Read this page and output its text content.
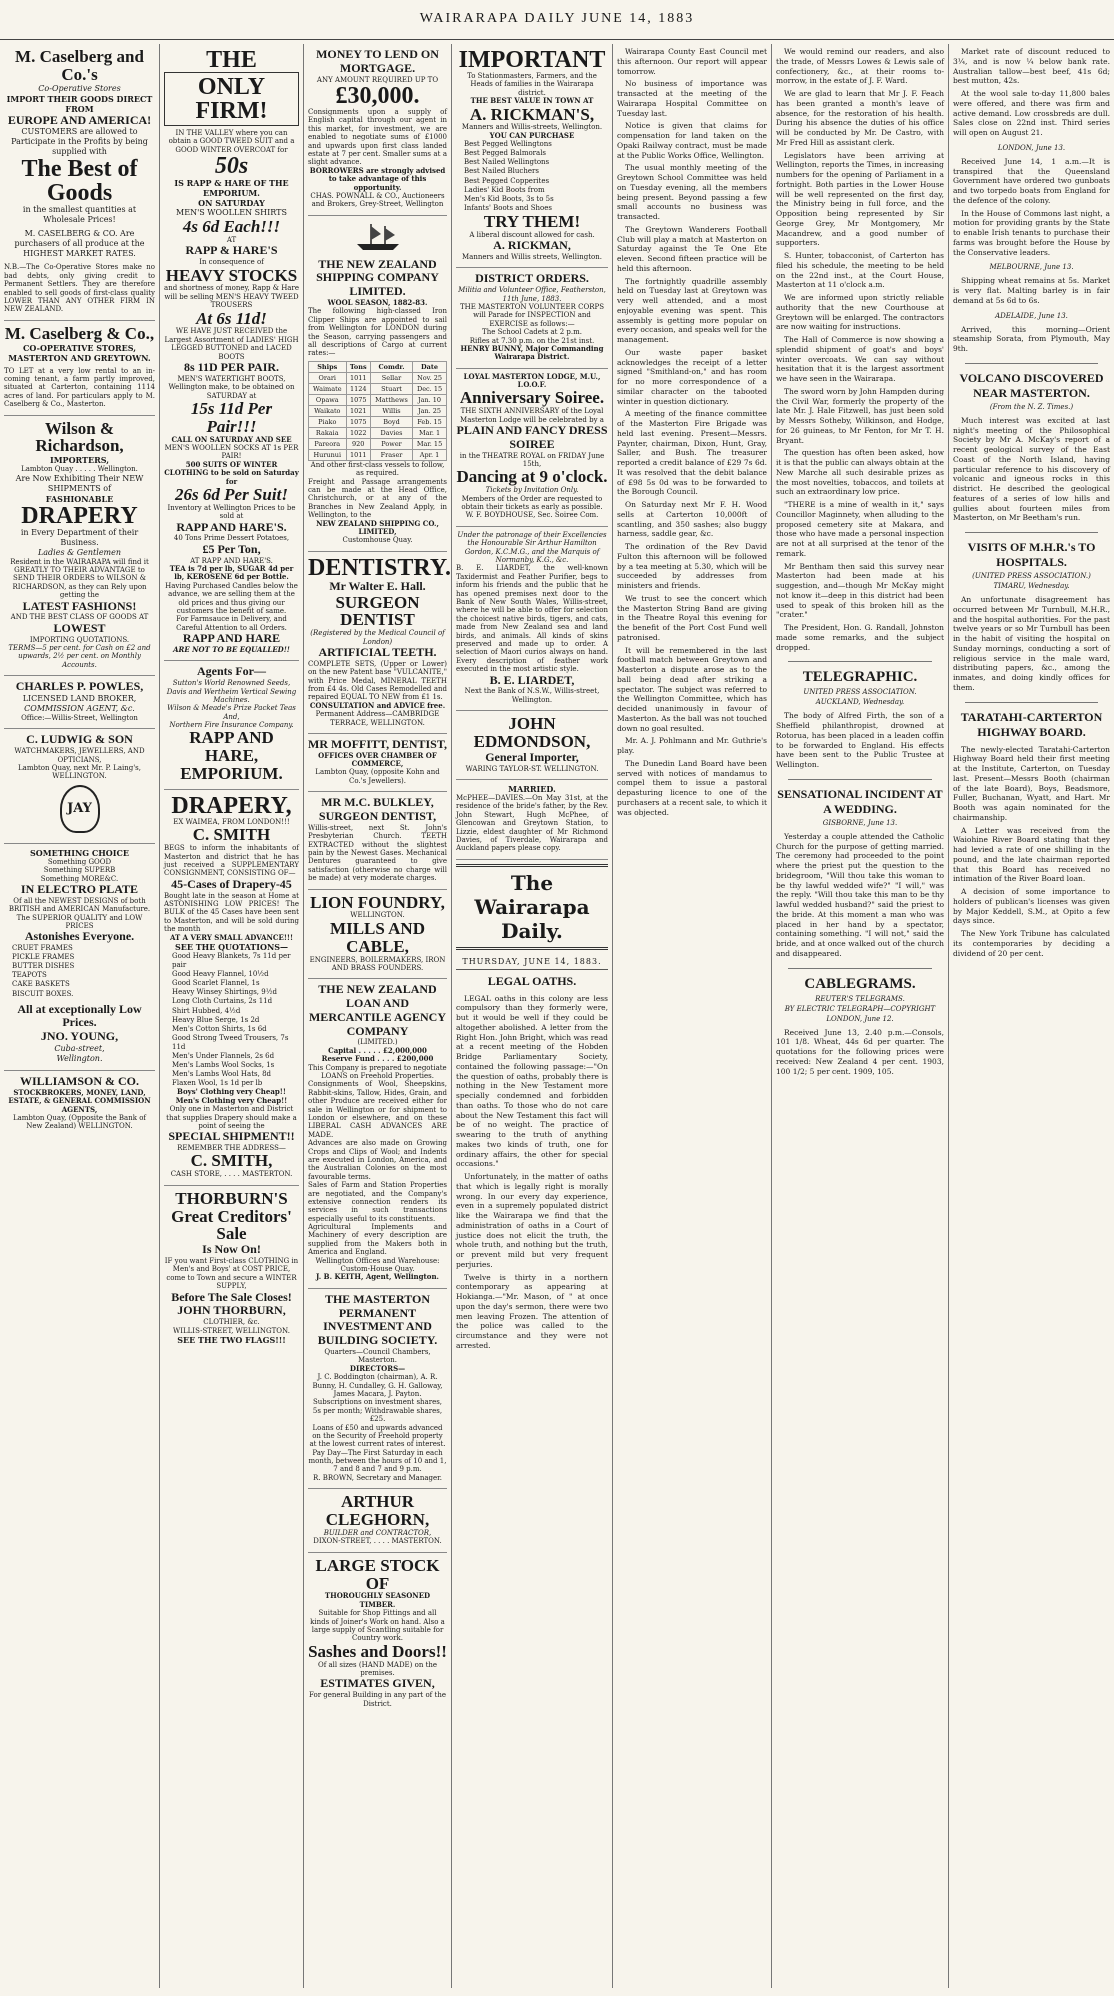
WAIRARAPA DAILY JUNE 14, 1883
M. Caselberg and Co.'s
Co-Operative Stores
IMPORT THEIR GOODS DIRECT FROM
EUROPE AND AMERICA!
CUSTOMERS are allowed to Participate in the Profits by being supplied with
The Best of Goods
in the smallest quantities at Wholesale Prices!
M. CASELBERG & CO. Are purchasers of all produce at the HIGHEST MARKET RATES.
N.B.—The Co-Operative Stores make no bad debts, only giving credit to Permanent Settlers. They are therefore enabled to sell goods of first-class quality LOWER THAN ANY OTHER FIRM IN NEW ZEALAND.
M. Caselberg & Co.,
CO-OPERATIVE STORES,
MASTERTON AND GREYTOWN.
TO LET at a very low rental to an in-coming tenant, a farm partly improved, situated at Carterton, containing 1114 acres of land. For particulars apply to M. Caselberg & Co., Masterton.
Wilson & Richardson,
IMPORTERS,
Lambton Quay . . . . . Wellington.
Are Now Exhibiting Their NEW SHIPMENTS of
FASHIONABLE
DRAPERY
in Every Department of their Business.
Ladies & Gentlemen
Resident in the WAIRARAPA will find it GREATLY TO THEIR ADVANTAGE to SEND THEIR ORDERS to WILSON & RICHARDSON, as they can Rely upon getting the
LATEST FASHIONS!
AND THE BEST CLASS OF GOODS AT
LOWEST
IMPORTING QUOTATIONS.
TERMS—5 per cent. for Cash on £2 and upwards, 2½ per cent. on Monthly Accounts.
CHARLES P. POWLES,
LICENSED LAND BROKER,
COMMISSION AGENT, &c.
Office:—Willis-Street, Wellington
C. LUDWIG & SON
WATCHMAKERS, JEWELLERS, AND OPTICIANS,
Lambton Quay, next Mr. P. Laing's, WELLINGTON.
JAY
SOMETHING CHOICE
Something GOOD
Something SUPERB
Something MORE&C.
IN ELECTRO PLATE
Of all the NEWEST DESIGNS of both BRITISH and AMERICAN Manufacture. The SUPERIOR QUALITY and LOW PRICES
Astonishes Everyone.
CRUET FRAMES
PICKLE FRAMES
BUTTER DISHES
TEAPOTS
CAKE BASKETS
BISCUIT BOXES.
All at exceptionally Low Prices.
JNO. YOUNG,
Cuba-street,
Wellington.
WILLIAMSON & CO.
STOCKBROKERS, MONEY, LAND, ESTATE, & GENERAL COMMISSION AGENTS,
Lambton Quay, (Opposite the Bank of New Zealand) WELLINGTON.
THE
ONLY FIRM!
IN THE VALLEY where you can obtain a GOOD TWEED SUIT and a GOOD WINTER OVERCOAT for
50s
IS RAPP & HARE OF THE EMPORIUM.
ON SATURDAY
MEN'S WOOLLEN SHIRTS
4s 6d Each!!!
AT
RAPP & HARE'S
In consequence of
HEAVY STOCKS
and shortness of money, Rapp & Hare will be selling MEN'S HEAVY TWEED TROUSERS
At 6s 11d!
WE HAVE JUST RECEIVED the Largest Assortment of LADIES' HIGH LEGGED BUTTONED and LACED BOOTS
8s 11D PER PAIR.
MEN'S WATERTIGHT BOOTS, Wellington make, to be obtained on SATURDAY at
15s 11d Per Pair!!!
CALL ON SATURDAY AND SEE
MEN'S WOOLLEN SOCKS AT 1s PER PAIR!
500 SUITS OF WINTER CLOTHING to be sold on Saturday for
26s 6d Per Suit!
Inventory at Wellington Prices to be sold at
RAPP AND HARE'S.
40 Tons Prime Dessert Potatoes,
£5 Per Ton,
AT RAPP AND HARE'S.
TEA is 7d per lb, SUGAR 4d per lb, KEROSENE 6d per Bottle.
Having Purchased Candles below the advance, we are selling them at the old prices and thus giving our customers the benefit of same.
For Farmsauce in Delivery, and Careful Attention to all Orders.
RAPP AND HARE
ARE NOT TO BE EQUALLED!!
Agents For—
Sutton's World Renowned Seeds, Davis and Wertheim Vertical Sewing Machines.
Wilson & Meade's Prize Packet Teas
And,
Northern Fire Insurance Company.
RAPP AND HARE,
EMPORIUM.
DRAPERY,
EX WAIMEA, FROM LONDON!!!
C. SMITH
BEGS to inform the inhabitants of Masterton and district that he has just received a SUPPLEMENTARY CONSIGNMENT, CONSISTING OF—
45-Cases of Drapery-45
Bought late in the season at Home at ASTONISHING LOW PRICES! The BULK of the 45 Cases have been sent to Masterton, and will be sold during the month
AT A VERY SMALL ADVANCE!!!
SEE THE QUOTATIONS—
Good Heavy Blankets, 7s 11d per pair
Good Heavy Flannel, 10½d
Good Scarlet Flannel, 1s
Heavy Winsey Shirtings, 9½d
Long Cloth Curtains, 2s 11d
Shirt Hubbed, 4½d
Heavy Blue Serge, 1s 2d
Men's Cotton Shirts, 1s 6d
Good Strong Tweed Trousers, 7s 11d
Men's Under Flannels, 2s 6d
Men's Lambs Wool Socks, 1s
Men's Lambs Wool Hats, 8d
Flaxen Wool, 1s 1d per lb
Boys' Clothing very Cheap!!
Men's Clothing very Cheap!!
Only one in Masterton and District that supplies Drapery should make a point of seeing the
SPECIAL SHIPMENT!!
REMEMBER THE ADDRESS—
C. SMITH,
CASH STORE, . . . . MASTERTON.
THORBURN'S
Great Creditors' Sale
Is Now On!
IF you want First-class CLOTHING in Men's and Boys' at COST PRICE, come to Town and secure a WINTER SUPPLY,
Before The Sale Closes!
JOHN THORBURN,
CLOTHIER, &c.
WILLIS-STREET, WELLINGTON.
SEE THE TWO FLAGS!!!
MONEY TO LEND ON MORTGAGE.
ANY AMOUNT REQUIRED UP TO
£30,000.
Consignments upon a supply of English capital through our agent in this market, for investment, we are enabled to negotiate sums of £1000 and upwards upon first class landed estate at 7 per cent. Smaller sums at a slight advance.
BORROWERS are strongly advised to take advantage of this opportunity.
CHAS. POWNALL & CO., Auctioneers and Brokers, Grey-Street, Wellington
THE NEW ZEALAND SHIPPING COMPANY LIMITED.
WOOL SEASON, 1882-83.
The following high-classed Iron Clipper Ships are appointed to sail from Wellington for LONDON during the Season, carrying passengers and all descriptions of Cargo at current rates:—
Ships	Tons	Comdr.	Date
Orari	1011	Sellar	Nov. 25
Waimate	1124	Stuart	Dec. 15
Opawa	1075	Matthews	Jan. 10
Waikato	1021	Willis	Jan. 25
Piako	1075	Boyd	Feb. 15
Rakaia	1022	Davies	Mar. 1
Pareora	920	Power	Mar. 15
Hurunui	1011	Fraser	Apr. 1
And other first-class vessels to follow, as required.
Freight and Passage arrangements can be made at the Head Office, Christchurch, or at any of the Branches in New Zealand Apply, in Wellington, to the
NEW ZEALAND SHIPPING CO., LIMITED,
Customhouse Quay.
DENTISTRY.
Mr Walter E. Hall.
SURGEON DENTIST
(Registered by the Medical Council of London)
ARTIFICIAL TEETH.
COMPLETE SETS, (Upper or Lower) on the new Patent base "VULCANITE," with Price Medal, MINERAL TEETH from £4 4s. Old Cases Remodelled and repaired EQUAL TO NEW from £1 1s.
CONSULTATION and ADVICE free.
Permanent Address—CAMBRIDGE TERRACE, WELLINGTON.
MR MOFFITT, DENTIST,
OFFICES OVER CHAMBER OF COMMERCE,
Lambton Quay, (opposite Kohn and Co.'s Jewellers).
MR M.C. BULKLEY,
SURGEON DENTIST,
Willis-street, next St. John's Presbyterian Church. TEETH EXTRACTED without the slightest pain by the Newest Gases. Mechanical Dentures guaranteed to give satisfaction (otherwise no charge will be made) at very moderate charges.
LION FOUNDRY,
WELLINGTON.
MILLS AND CABLE,
ENGINEERS, BOILERMAKERS, IRON AND BRASS FOUNDERS.
THE NEW ZEALAND LOAN AND MERCANTILE AGENCY COMPANY
(LIMITED.)
Capital . . . . . £2,000,000
Reserve Fund . . . . £200,000
This Company is prepared to negotiate LOANS on Freehold Properties.
Consignments of Wool, Sheepskins, Rabbit-skins, Tallow, Hides, Grain, and other Produce are received either for sale in Wellington or for shipment to London or elsewhere, and on these LIBERAL CASH ADVANCES ARE MADE.
Advances are also made on Growing Crops and Clips of Wool; and Indents are executed in London, America, and the Australian Colonies on the most favourable terms.
Sales of Farm and Station Properties are negotiated, and the Company's extensive connection renders its services in such transactions especially useful to its constituents.
Agricultural Implements and Machinery of every description are supplied from the Makers both in America and England.
Wellington Offices and Warehouse: Custom-House Quay.
J. B. KEITH, Agent, Wellington.
THE MASTERTON PERMANENT INVESTMENT AND BUILDING SOCIETY.
Quarters—Council Chambers, Masterton.
DIRECTORS—
J. C. Boddington (chairman), A. R. Bunny, H. Cundalley, G. H. Galloway, James Macara, J. Payton.
Subscriptions on investment shares, 5s per month; Withdrawable shares, £25.
Loans of £50 and upwards advanced on the Security of Freehold property at the lowest current rates of interest.
Pay Day—The First Saturday in each month, between the hours of 10 and 1, 7 and 8 and 7 and 9 p.m.
R. BROWN, Secretary and Manager.
ARTHUR CLEGHORN,
BUILDER and CONTRACTOR,
DIXON-STREET, . . . . MASTERTON.
LARGE STOCK OF
THOROUGHLY SEASONED TIMBER.
Suitable for Shop Fittings and all kinds of Joiner's Work on hand. Also a large supply of Scantling suitable for Country work.
Sashes and Doors!!
Of all sizes (HAND MADE) on the premises.
ESTIMATES GIVEN,
For general Building in any part of the District.
IMPORTANT
To Stationmasters, Farmers, and the Heads of families in the Wairarapa district.
THE BEST VALUE IN TOWN AT
A. RICKMAN'S,
Manners and Willis-streets, Wellington.
YOU CAN PURCHASE
Best Pegged Wellingtons
Best Pegged Balmorals
Best Nailed Wellingtons
Best Nailed Bluchers
Best Pegged Copperites
Ladies' Kid Boots from
Men's Kid Boots, 3s to 5s
Infants' Boots and Shoes
TRY THEM!
A liberal discount allowed for cash.
A. RICKMAN,
Manners and Willis streets, Wellington.
DISTRICT ORDERS.
Militia and Volunteer Office, Featherston, 11th June, 1883.
THE MASTERTON VOLUNTEER CORPS will Parade for INSPECTION and EXERCISE as follows:—
The School Cadets at 2 p.m.
Rifles at 7.30 p.m. on the 21st inst.
HENRY BUNNY, Major Commanding Wairarapa District.
LOYAL MASTERTON LODGE, M.U., I.O.O.F.
Anniversary Soiree.
THE SIXTH ANNIVERSARY of the Loyal Masterton Lodge will be celebrated by a
PLAIN AND FANCY DRESS SOIREE
in the THEATRE ROYAL on FRIDAY June 15th,
Dancing at 9 o'clock.
Tickets by Invitation Only.
Members of the Order are requested to obtain their tickets as early as possible.
W. F. BOYDHOUSE, Sec. Soiree Com.
Under the patronage of their Excellencies the Honourable Sir Arthur Hamilton Gordon, K.C.M.G., and the Marquis of Normanby, K.G., &c.
B. E. LIARDET, the well-known Taxidermist and Feather Purifier, begs to inform his friends and the public that he has opened premises next door to the Bank of New South Wales, Willis-street, where he will be able to offer for selection the choicest native birds, tigers, and cats, made from New Zealand sea and land birds, and animals. All kinds of skins preserved and made up to order. A selection of Maori curios always on hand. Every description of feather work executed in the most artistic style.
B. E. LIARDET,
Next the Bank of N.S.W., Willis-street, Wellington.
JOHN EDMONDSON,
General Importer,
WARING TAYLOR-ST. WELLINGTON.
MARRIED.
McPHEE—DAVIES.—On May 31st, at the residence of the bride's father, by the Rev. John Stewart, Hugh McPhee, of Glencowan and Greytown Station, to Lizzie, eldest daughter of Mr Richmond Davies, of Tiverdale, Wairarapa and Auckland papers please copy.
The Wairarapa Daily.
THURSDAY, JUNE 14, 1883.
LEGAL OATHS.

LEGAL oaths in this colony are less compulsory than they formerly were, but it would be well if they could be altogether abolished. A letter from the Right Hon. John Bright, which was read at a recent meeting of the Hobden Bridge Parliamentary Society, contained the following passage:—"On the question of oaths, probably there is nothing in the New Testament more specially condemned and forbidden than oaths. To those who do not care about the New Testament this fact will be of no weight. The practice of swearing to the truth of anything makes two kinds of truth, one for ordinary affairs, the other for special occasions."

Unfortunately, in the matter of oaths that which is legally right is morally wrong. In our every day experience, even in a supremely populated district like the Wairarapa we find that the administration of oaths in a Court of justice does not elicit the truth, the whole truth, and nothing but the truth, or prevent mild but very frequent perjuries.

Twelve is thirty in a northern contemporary as appearing at Hokianga.—"Mr. Mason, of " at once upon the day's sermon, there were two men leaving Frozen. The attention of the police was called to the circumstance and they were not arrested.

Wairarapa County East Council met this afternoon. Our report will appear tomorrow.

No business of importance was transacted at the meeting of the Wairarapa Hospital Committee on Tuesday last.

Notice is given that claims for compensation for land taken on the Opaki Railway contract, must be made at the Public Works Office, Wellington.

The usual monthly meeting of the Greytown School Committee was held on Tuesday evening, all the members being present. Beyond passing a few small accounts no business was transacted.

The Greytown Wanderers Football Club will play a match at Masterton on Saturday against the Te One Ete eleven. Second fifteen practice will be held this afternoon.

The fortnightly quadrille assembly held on Tuesday last at Greytown was very well attended, and a most enjoyable evening was spent. This assembly is getting more popular on every occasion, and speaks well for the management.

Our waste paper basket acknowledges the receipt of a letter signed "Smithland-on," and has room for no more correspondence of a similar character on the tabooted winter in question dictionary.

A meeting of the finance committee of the Masterton Fire Brigade was held last evening. Present—Messrs. Paynter, chairman, Dixon, Hunt, Gray, Saller, and Bush. The treasurer reported a credit balance of £29 7s 6d. It was resolved that the debit balance of £98 5s 0d was to be forwarded to the Borough Council.

On Saturday next Mr F. H. Wood sells at Carterton 10,000ft of scantling, and 350 sashes; also buggy harness, saddle gear, &c.

The ordination of the Rev David Fulton this afternoon will be followed by a tea meeting at 5.30, which will be succeeded by addresses from ministers and friends.

We trust to see the concert which the Masterton String Band are giving in the Theatre Royal this evening for the benefit of the Port Cost Fund well patronised.

It will be remembered in the last football match between Greytown and Masterton a dispute arose as to the ball being dead after striking a spectator. The subject was referred to the Wellington Committee, which has decided unanimously in favour of Masterton. As the ball was not touched down no goal resulted.

Mr. A. J. Pohlmann and Mr. Guthrie's play.

The Dunedin Land Board have been served with notices of mandamus to compel them to issue a pastoral depasturing licence to one of the purchasers at a recent sale, to which it was objected.

We would remind our readers, and also the trade, of Messrs Lowes & Lewis sale of confectionery, &c., at their rooms to-morrow, in the estate of J. F. Ward.

We are glad to learn that Mr J. F. Feach has been granted a month's leave of absence, for the restoration of his health. During his absence the duties of his office will be conducted by Mr. De Castro, with Mr Fred Hill as assistant clerk.

Legislators have been arriving at Wellington, reports the Times, in increasing numbers for the opening of Parliament in a fortnight. Both parties in the Lower House will be well represented on the first day, the Ministry being in full force, and the Opposition being represented by Sir George Grey, Mr Montgomery, Mr Macandrew, and a good number of supporters.

S. Hunter, tobacconist, of Carterton has filed his schedule, the meeting to be held on the 22nd inst., at the Court House, Masterton at 11 o'clock a.m.

We are informed upon strictly reliable authority that the new Courthouse at Greytown will be enlarged. The contractors are now waiting for instructions.

The Hall of Commerce is now showing a splendid shipment of goat's and boys' winter overcoats. We can say without hesitation that it is the largest assortment we have seen in the Wairarapa.

The sword worn by John Hampden during the Civil War, formerly the property of the late Mr. J. Hale Fitzwell, has just been sold by Messrs Sotheby, Wilkinson, and Hodge, for 26 guineas, to Mr Fenton, for Mr T. H. Bryant.

The question has often been asked, how it is that the public can always obtain at the New Marche all such desirable prizes as the most novelties, tobaccos, and toilets at such an extraordinary low price.

"THERE is a mine of wealth in it," says Councillor Maginnety, when alluding to the proposed cemetery site at Makara, and those who have made a personal inspection are not at all surprised at the tenor of the remark.

Mr Bentham then said this survey near Masterton had been made at his suggestion, and—though Mr McKay might not know it—deep in this district had been used to speak of this broken hill as the "crater."

The President, Hon. G. Randall, Johnston made some remarks, and the subject dropped.

TELEGRAPHIC.
UNITED PRESS ASSOCIATION.
AUCKLAND, Wednesday.

The body of Alfred Firth, the son of a Sheffield philanthropist, drowned at Rotorua, has been placed in a leaden coffin to be forwarded to England. His effects have been sent to the Public Trustee at Wellington.

SENSATIONAL INCIDENT AT A WEDDING.
GISBORNE, June 13.

Yesterday a couple attended the Catholic Church for the purpose of getting married. The ceremony had proceeded to the point where the priest put the question to the bridegroom, "Will thou take this woman to be thy lawful wedded wife?" "I will," was the reply. "Will thou take this man to be thy lawful wedded husband?" said the priest to the bride. At this moment a man who was placed in her hand by a spectator, containing something. "I will not," said the bride, and at once walked out of the church and disappeared.

CABLEGRAMS.
REUTER'S TELEGRAMS.
BY ELECTRIC TELEGRAPH—COPYRIGHT
LONDON, June 12.

Received June 13, 2.40 p.m.—Consols, 101 1/8. Wheat, 44s 6d per quarter. The quotations for the following prices were received: New Zealand 4 per cent. 1903, 100 1/2; 5 per cent. 1909, 105.

Market rate of discount reduced to 3¼, and is now ¼ below bank rate. Australian tallow—best beef, 41s 6d; best mutton, 42s.

At the wool sale to-day 11,800 bales were offered, and there was firm and active demand. Low crossbreds are dull. Sales close on 22nd inst. Third series will open on August 21.

LONDON, June 13.

Received June 14, 1 a.m.—It is transpired that the Queensland Government have ordered two gunboats and two torpedo boats from England for the defence of the colony.

In the House of Commons last night, a motion for providing grants by the State to enable Irish tenants to purchase their farms was brought before the House by the Conservative leaders.

MELBOURNE, June 13.

Shipping wheat remains at 5s. Market is very flat. Malting barley is in fair demand at 5s 6d to 6s.

ADELAIDE, June 13.

Arrived, this morning—Orient steamship Sorata, from Plymouth, May 9th.

VOLCANO DISCOVERED NEAR MASTERTON.
(From the N. Z. Times.)

Much interest was excited at last night's meeting of the Philosophical Society by Mr A. McKay's report of a recent geological survey of the East Coast of the North Island, having particular reference to his discovery of volcanic and igneous rocks in this district. He described the geological features of a series of low hills and gullies about fourteen miles from Masterton, on Mr Beetham's run.

VISITS OF M.H.R.'s TO HOSPITALS.
(UNITED PRESS ASSOCIATION.)
TIMARU, Wednesday.

An unfortunate disagreement has occurred between Mr Turnbull, M.H.R., and the hospital authorities. For the past twelve years or so Mr Turnbull has been in the habit of visiting the hospital on Sunday mornings, conducting a sort of religious service in the male ward, distributing papers, &c., among the inmates, and doing kindly offices for them.

TARATAHI-CARTERTON HIGHWAY BOARD.

The newly-elected Taratahi-Carterton Highway Board held their first meeting at the Institute, Carterton, on Tuesday last. Present—Messrs Booth (chairman of the late Board), Boys, Beadsmore, Fuller, Buchanan, Wyatt, and Hart. Mr Booth was again nominated for the chairmanship.

A Letter was received from the Waiohine River Board stating that they had levied a rate of one shilling in the pound, and the late chairman reported that this Board has received no intimation of the River Board loan.

A decision of some importance to holders of publican's licenses was given by Major Keddell, S.M., at Opito a few days since.

The New York Tribune has calculated its contemporaries by deciding a dividend of 20 per cent.
